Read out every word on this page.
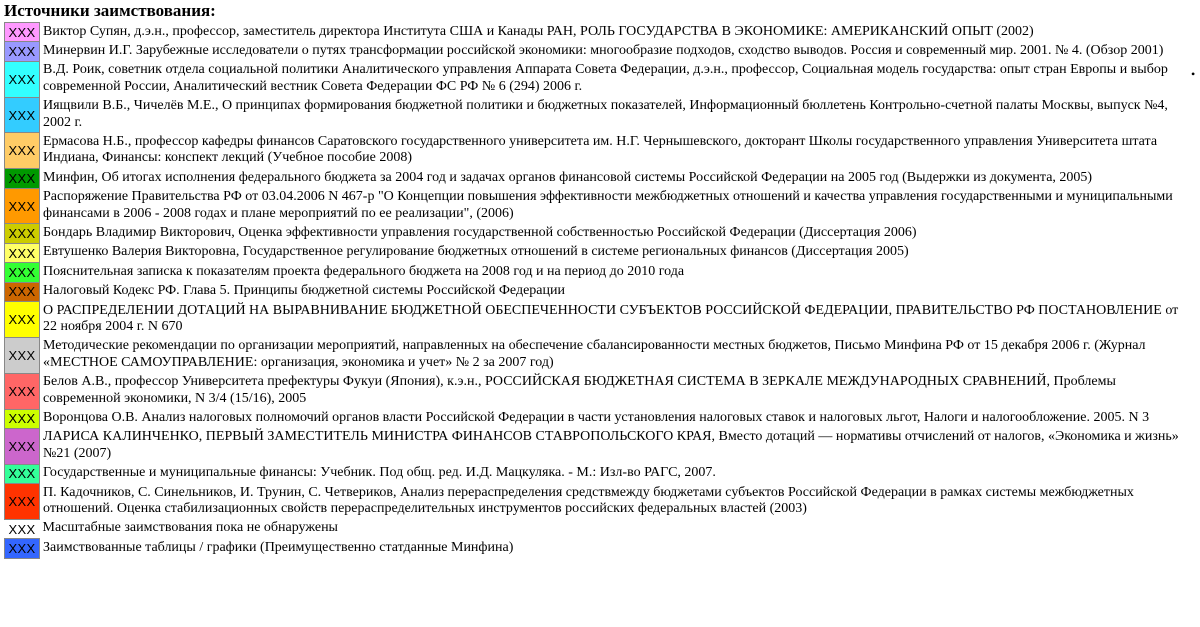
Источники заимствования:
XXX	Виктор Супян, д.э.н., профессор, заместитель директора Института США и Канады РАН, РОЛЬ ГОСУДАРСТВА В ЭКОНОМИКЕ: АМЕРИКАНСКИЙ ОПЫТ (2002)
XXX	Минервин И.Г. Зарубежные исследователи о путях трансформации российской экономики: многообразие подходов, сходство выводов. Россия и современный мир. 2001. № 4. (Обзор 2001)
XXX	В.Д. Роик, советник отдела социальной политики Аналитического управления Аппарата Совета Федерации, д.э.н., профессор, Социальная модель государства: опыт стран Европы и выбор современной России, Аналитический вестник Совета Федерации ФС РФ № 6 (294) 2006 г.
XXX	Иящвили В.Б., Чичелёв М.Е., О принципах формирования бюджетной политики и бюджетных показателей, Информационный бюллетень Контрольно-счетной палаты Москвы, выпуск №4, 2002 г.
XXX	Ермасова Н.Б., профессор кафедры финансов Саратовского государственного университета им. Н.Г. Чернышевского, докторант Школы государственного управления Университета штата Индиана, Финансы: конспект лекций (Учебное пособие 2008)
XXX	Минфин, Об итогах исполнения федерального бюджета за 2004 год и задачах органов финансовой системы Российской Федерации на 2005 год (Выдержки из документа, 2005)
XXX	Распоряжение Правительства РФ от 03.04.2006 N 467-р "О Концепции повышения эффективности межбюджетных отношений и качества управления государственными и муниципальными финансами в 2006 - 2008 годах и плане мероприятий по ее реализации", (2006)
XXX	Бондарь Владимир Викторович, Оценка эффективности управления государственной собственностью Российской Федерации (Диссертация 2006)
XXX	Евтушенко Валерия Викторовна, Государственное регулирование бюджетных отношений в системе региональных финансов (Диссертация 2005)
XXX	Пояснительная записка к показателям проекта федерального бюджета на 2008 год и на период до 2010 года
XXX	Налоговый Кодекс РФ. Глава 5. Принципы бюджетной системы Российской Федерации
XXX	О РАСПРЕДЕЛЕНИИ ДОТАЦИЙ НА ВЫРАВНИВАНИЕ БЮДЖЕТНОЙ ОБЕСПЕЧЕННОСТИ СУБЪЕКТОВ РОССИЙСКОЙ ФЕДЕРАЦИИ, ПРАВИТЕЛЬСТВО РФ ПОСТАНОВЛЕНИЕ от 22 ноября 2004 г. N 670
XXX	Методические рекомендации по организации мероприятий, направленных на обеспечение сбалансированности местных бюджетов, Письмо Минфина РФ от 15 декабря 2006 г. (Журнал «МЕСТНОЕ САМОУПРАВЛЕНИЕ: организация, экономика и учет» № 2 за 2007 год)
XXX	Белов А.В., профессор Университета префектуры Фукуи (Япония), к.э.н., РОССИЙСКАЯ БЮДЖЕТНАЯ СИСТЕМА В ЗЕРКАЛЕ МЕЖДУНАРОДНЫХ СРАВНЕНИЙ, Проблемы современной экономики, N 3/4 (15/16), 2005
XXX	Воронцова О.В. Анализ налоговых полномочий органов власти Российской Федерации в части установления налоговых ставок и налоговых льгот, Налоги и налогообложение. 2005. N 3
XXX	ЛАРИСА КАЛИНЧЕНКО, ПЕРВЫЙ ЗАМЕСТИТЕЛЬ МИНИСТРА ФИНАНСОВ СТАВРОПОЛЬСКОГО КРАЯ, Вместо дотаций — нормативы отчислений от налогов, «Экономика и жизнь» №21 (2007)
XXX	Государственные и муниципальные финансы: Учебник. Под общ. ред. И.Д. Мацкуляка. - М.: Изл-во РАГС, 2007.
XXX	П. Кадочников, С. Синельников, И. Трунин, С. Четвериков, Анализ перераспределения средствмежду бюджетами субъектов Российской Федерации в рамках системы межбюджетных отношений. Оценка стабилизационных свойств перераспределительных инструментов российских федеральных властей (2003)
XXX	Масштабные заимствования пока не обнаружены
XXX	Заимствованные таблицы / графики (Преимущественно статданные Минфина)
•
